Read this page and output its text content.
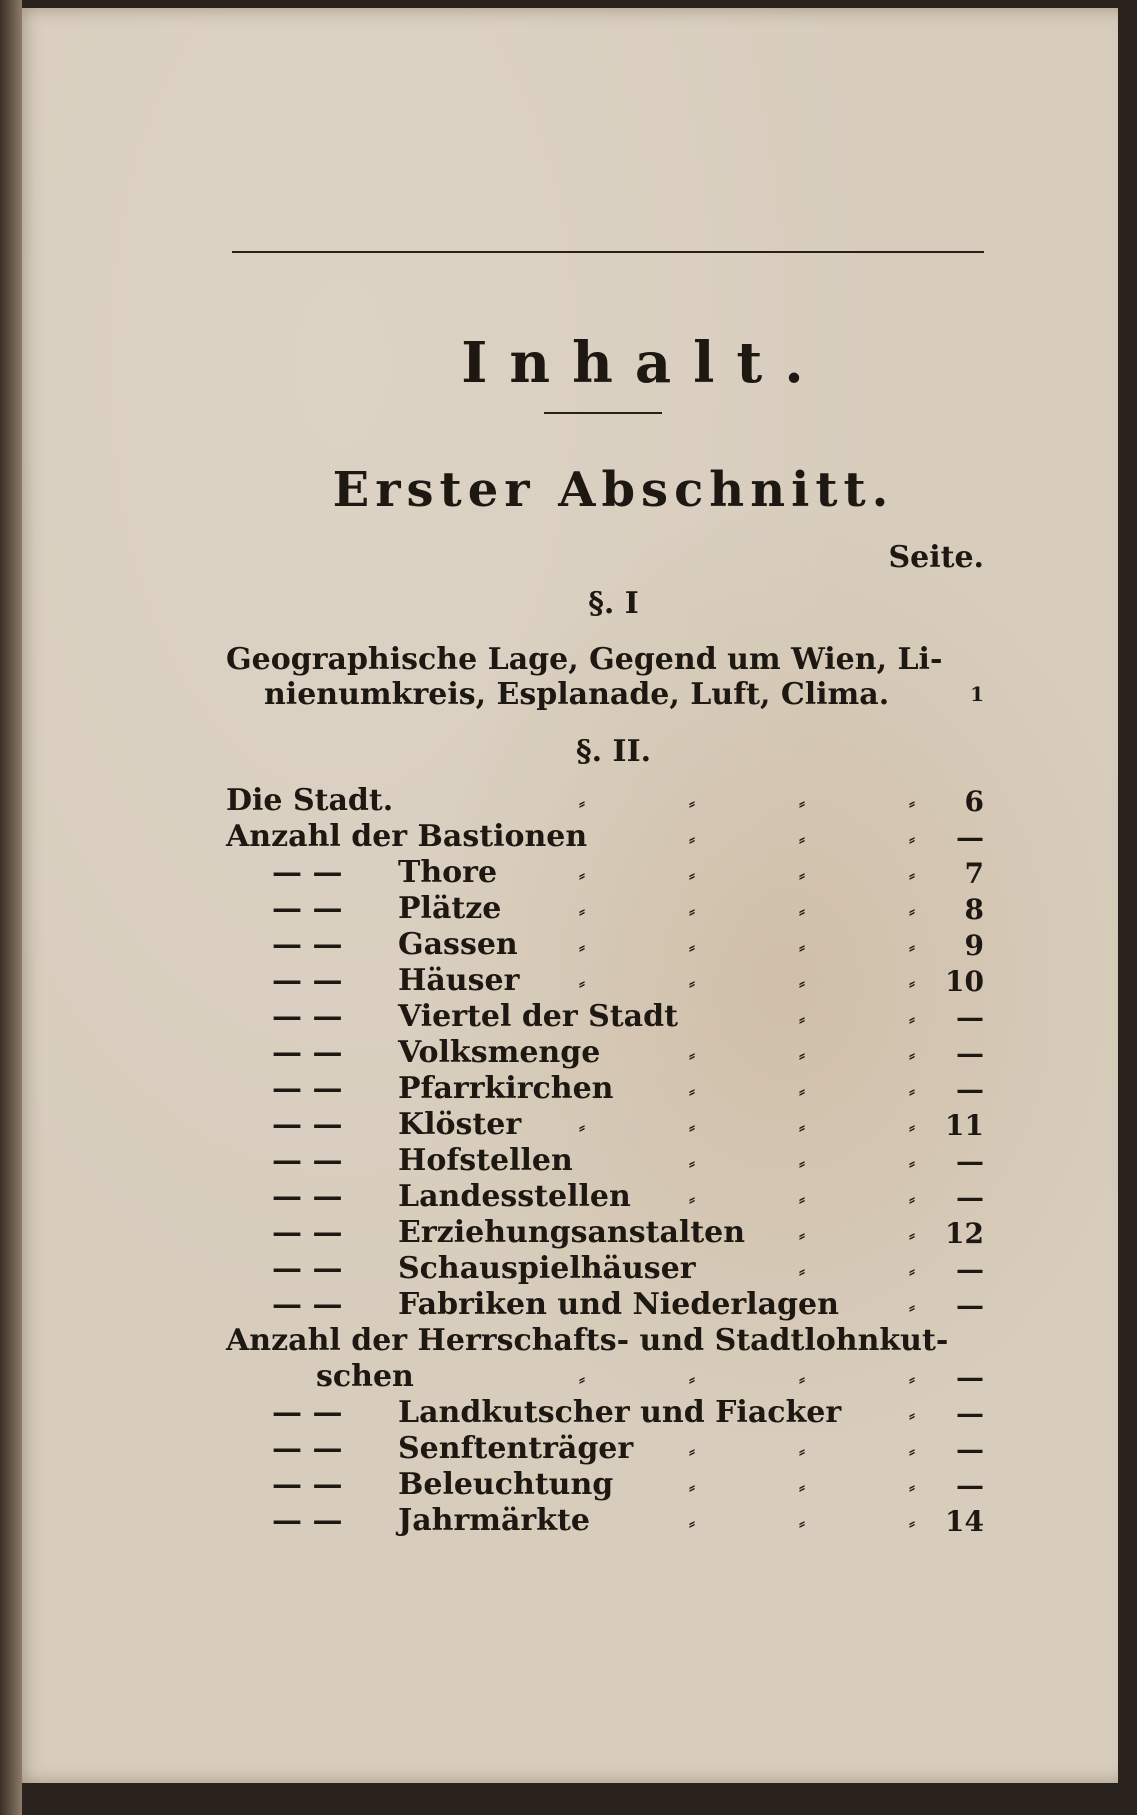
Inhalt.
Erster Abschnitt.
Seite.
§. I
Geographische Lage, Gegend um Wien, Li-
nienumkreis, Esplanade, Luft, Clima.	1
§. II.
Die Stadt.	⸗	⸗	⸗	⸗ 6
Anzahl der Bastionen	⸗	⸗	⸗ —
— — Thore	⸗	⸗	⸗	⸗ 7
— — Plätze	⸗	⸗	⸗	⸗ 8
— — Gassen	⸗	⸗	⸗	⸗ 9
— — Häuser	⸗	⸗	⸗	⸗ 10
— — Viertel der Stadt	⸗	⸗ —
— — Volksmenge	⸗	⸗	⸗ —
— — Pfarrkirchen	⸗	⸗	⸗ —
— — Klöster	⸗	⸗	⸗	⸗ 11
— — Hofstellen	⸗	⸗	⸗ —
— — Landesstellen	⸗	⸗	⸗ —
— — Erziehungsanstalten	⸗	⸗ 12
— — Schauspielhäuser	⸗	⸗ —
— — Fabriken und Niederlagen	⸗ —
Anzahl der Herrschafts- und Stadtlohnkut-
schen	⸗	⸗	⸗	⸗ —
— — Landkutscher und Fiacker	⸗ —
— — Senftenträger	⸗	⸗	⸗ —
— — Beleuchtung	⸗	⸗	⸗ —
— — Jahrmärkte	⸗	⸗	⸗ 14
